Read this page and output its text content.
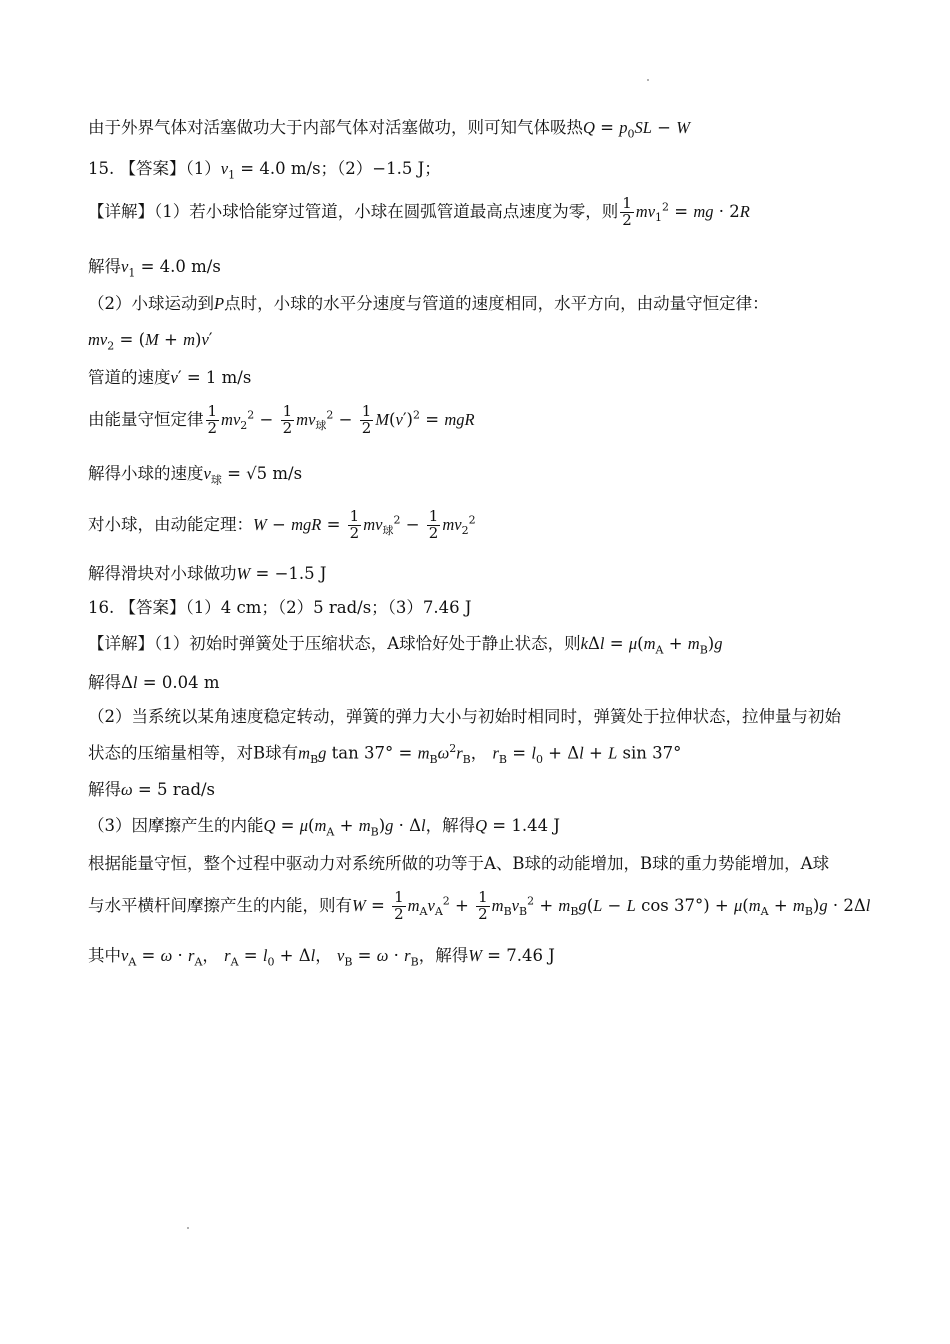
由于外界气体对活塞做功大于内部气体对活塞做功，则可知气体吸热$Q = p_0SL - W$
15. 【答案】$(1)v_1 = 4.0$ m/s；（2）−1.5 J；
【详解】（1）若小球恰能穿过管道，小球在圆弧管道最高点速度为零，则 $\frac{1}{2} mv_1^2$ = mg · 2R
解得$v_1 = 4.0$ m/s
（2）小球运动到P点时，小球的水平分速度与管道的速度相同，水平方向，由动量守恒定律：
$mv_2 = (M + m)v'$
管道的速度v′ = 1 m/s
由能量守恒定律 $\frac{1}{2} mv_2^2 - \frac{1}{2} mv_球^2 - \frac{1}{2} M(v')^2$ = mgR
解得小球的速度$v_球 = √5$ m/s
对小球，由动能定理：W − mgR = $\frac{1}{2} mv_球^2 - \frac{1}{2} mv_2^2$
解得滑块对小球做功W = −1.5 J
16. 【答案】（1）4 cm；（2）5 rad/s；（3）7.46 J
【详解】（1）初始时弹簧处于压缩状态，A球恰好处于静止状态，则$k\Delta l = \mu(m_A + m_B)g$
解得Δl = 0.04 m
（2）当系统以某角速度稳定转动，弹簧的弹力大小与初始时相同时，弹簧处于拉伸状态，拉伸量与初始
状态的压缩量相等，对B球有$m_Bg$ $\tan 37^\circ = m_B\omega^2r_B$， $r_B = l_0 + \Delta l + L$ sin 37°
解得ω = 5 rad/s
（3）因摩擦产生的内能$Q = \mu(m_A + m_B)g \cdot \Delta l$，解得Q = 1.44 J
根据能量守恒，整个过程中驱动力对系统所做的功等于A、B球的动能增加，B球的重力势能增加，A球
与水平横杆间摩擦产生的内能，则有$W = \frac{1}{2} m_Av_A^2 + \frac{1}{2} m_Bv_B^2 + m_Bg(L - L$ $\cos 37^\circ) + \mu(m_A + m_B)g \cdot 2\Delta l$
其中$v_A = \omega \cdot r_A$， $r_A = l_0 + \Delta l$， $v_B = \omega \cdot r_B$，解得W = 7.46 J
